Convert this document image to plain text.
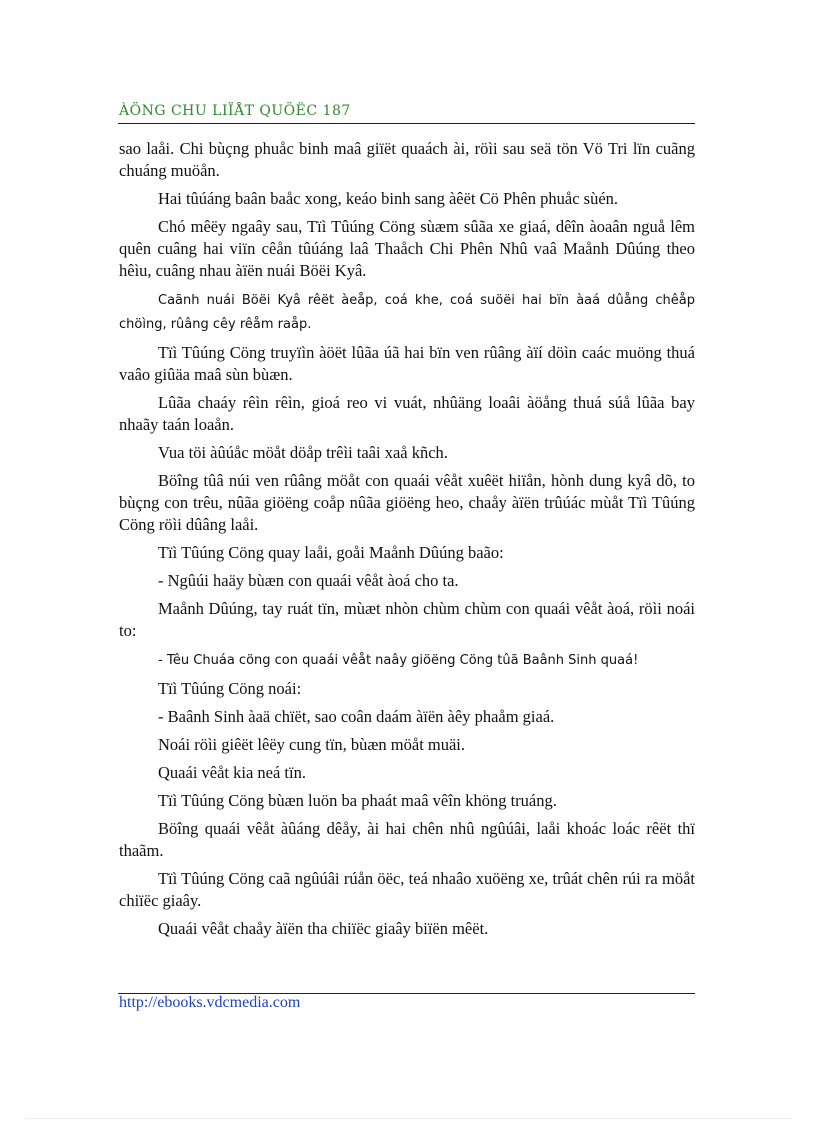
ÀÖNG CHU LIÏÅT QUÖËC 187

sao laåi. Chi bùçng phuåc binh maâ giïët quaách ài, röìi sau seä tön Vö Tri lïn cuãng chuáng muöån.

Hai tûúáng baân baåc xong, keáo binh sang àêët Cö Phên phuåc sùén.

Chó mêëy ngaây sau, Tïì Tûúng Cöng sùæm sûãa xe giaá, dêîn àoaân nguå lêm quên cuâng hai viïn cêån tûúáng laâ Thaåch Chi Phên Nhû vaâ Maånh Dûúng theo hêìu, cuâng nhau àïën nuái Böëi Kyâ.

Caãnh nuái Böëi Kyâ rêët àeåp, coá khe, coá suöëi hai bïn àaá dûång chêåp chöìng, rûâng cêy rêåm raåp.

Tïì Tûúng Cöng truyïìn àöët lûãa úã hai bïn ven rûâng àïí döìn caác muöng thuá vaâo giûäa maâ sùn bùæn.

Lûãa chaáy rêìn rêìn, gioá reo vi vuát, nhûäng loaâi àöång thuá súå lûãa bay nhaãy taán loaån.

Vua töi àûúåc möåt döåp trêìi taâi xaå kñch.

Böîng tûâ núi ven rûâng möåt con quaái vêåt xuêët hiïån, hònh dung kyâ dõ, to bùçng con trêu, nûãa giöëng coåp nûãa giöëng heo, chaåy àïën trûúác mùåt Tïì Tûúng Cöng röìi dûâng laåi.

Tïì Tûúng Cöng quay laåi, goåi Maånh Dûúng baão:

- Ngûúi haäy bùæn con quaái vêåt àoá cho ta.

Maånh Dûúng, tay ruát tïn, mùæt nhòn chùm chùm con quaái vêåt àoá, röìi noái to:

- Têu Chuáa cöng con quaái vêåt naây giöëng Cöng tûã Baânh Sinh quaá!

Tïì Tûúng Cöng noái:

- Baânh Sinh àaä chïët, sao coân daám àïën àêy phaåm giaá.

Noái röìi giêët lêëy cung tïn, bùæn möåt muäi.

Quaái vêåt kia neá tïn.

Tïì Tûúng Cöng bùæn luön ba phaát maâ vêîn khöng truáng.

Böîng quaái vêåt àûáng dêåy, ài hai chên nhû ngûúâi, laåi khoác loác rêët thï thaãm.

Tïì Tûúng Cöng caã ngûúâi rúån öëc, teá nhaâo xuöëng xe, trûát chên rúi ra möåt chiïëc giaây.

Quaái vêåt chaåy àïën tha chiïëc giaây biïën mêët.

http://ebooks.vdcmedia.com
